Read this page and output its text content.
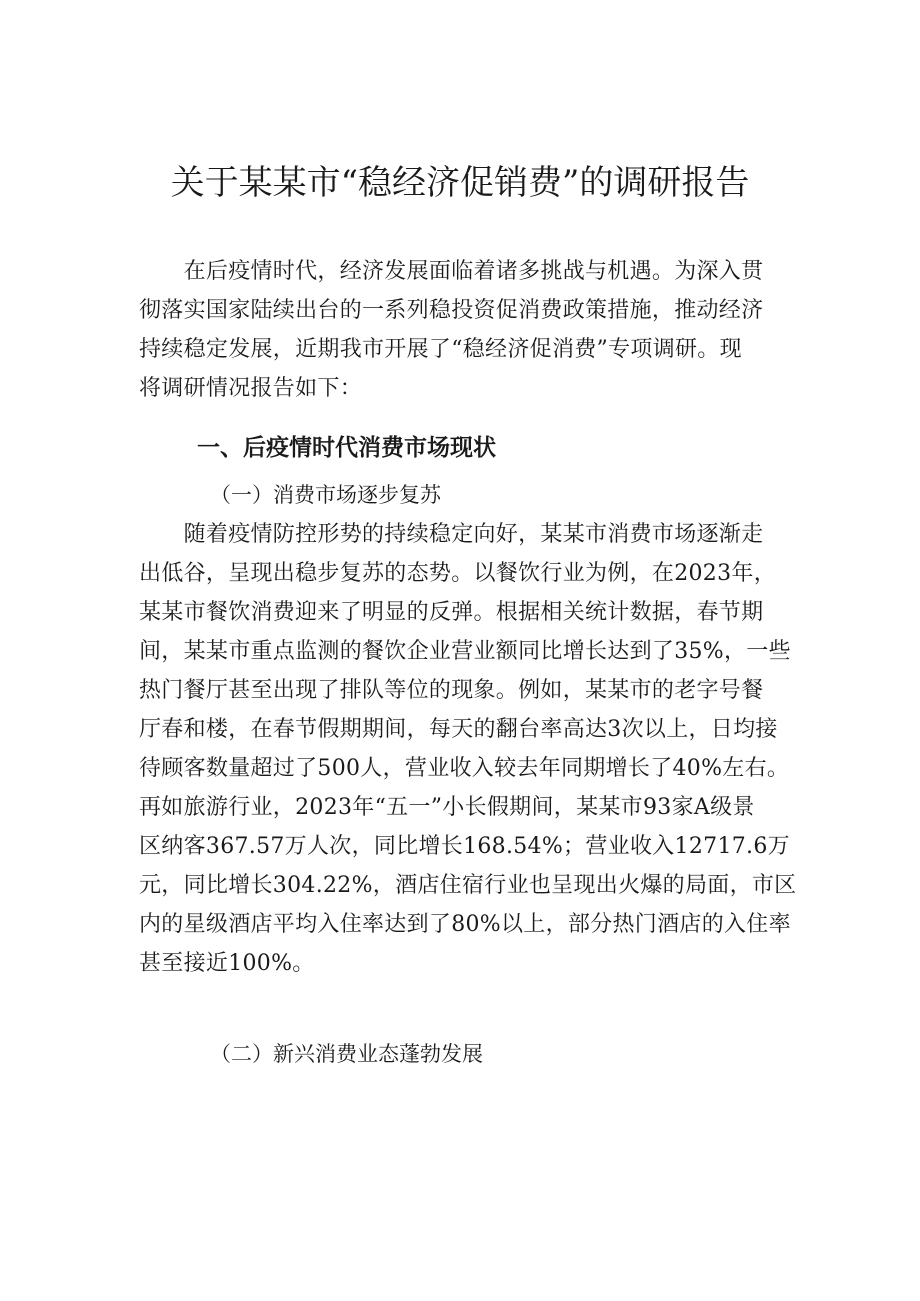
关于某某市“稳经济促销费”的调研报告
　　在后疫情时代，经济发展面临着诸多挑战与机遇。为深入贯
彻落实国家陆续出台的一系列稳投资促消费政策措施，推动经济
持续稳定发展，近期我市开展了“稳经济促消费”专项调研。现
将调研情况报告如下：
一、后疫情时代消费市场现状
（一）消费市场逐步复苏
　　随着疫情防控形势的持续稳定向好，某某市消费市场逐渐走
出低谷，呈现出稳步复苏的态势。以餐饮行业为例，在2023年，
某某市餐饮消费迎来了明显的反弹。根据相关统计数据，春节期
间，某某市重点监测的餐饮企业营业额同比增长达到了35%，一些
热门餐厅甚至出现了排队等位的现象。例如，某某市的老字号餐
厅春和楼，在春节假期期间，每天的翻台率高达3次以上，日均接
待顾客数量超过了500人，营业收入较去年同期增长了40%左右。
再如旅游行业，2023年“五一”小长假期间，某某市93家A级景
区纳客367.57万人次，同比增长168.54%；营业收入12717.6万
元，同比增长304.22%，酒店住宿行业也呈现出火爆的局面，市区
内的星级酒店平均入住率达到了80%以上，部分热门酒店的入住率
甚至接近100%。
（二）新兴消费业态蓬勃发展
